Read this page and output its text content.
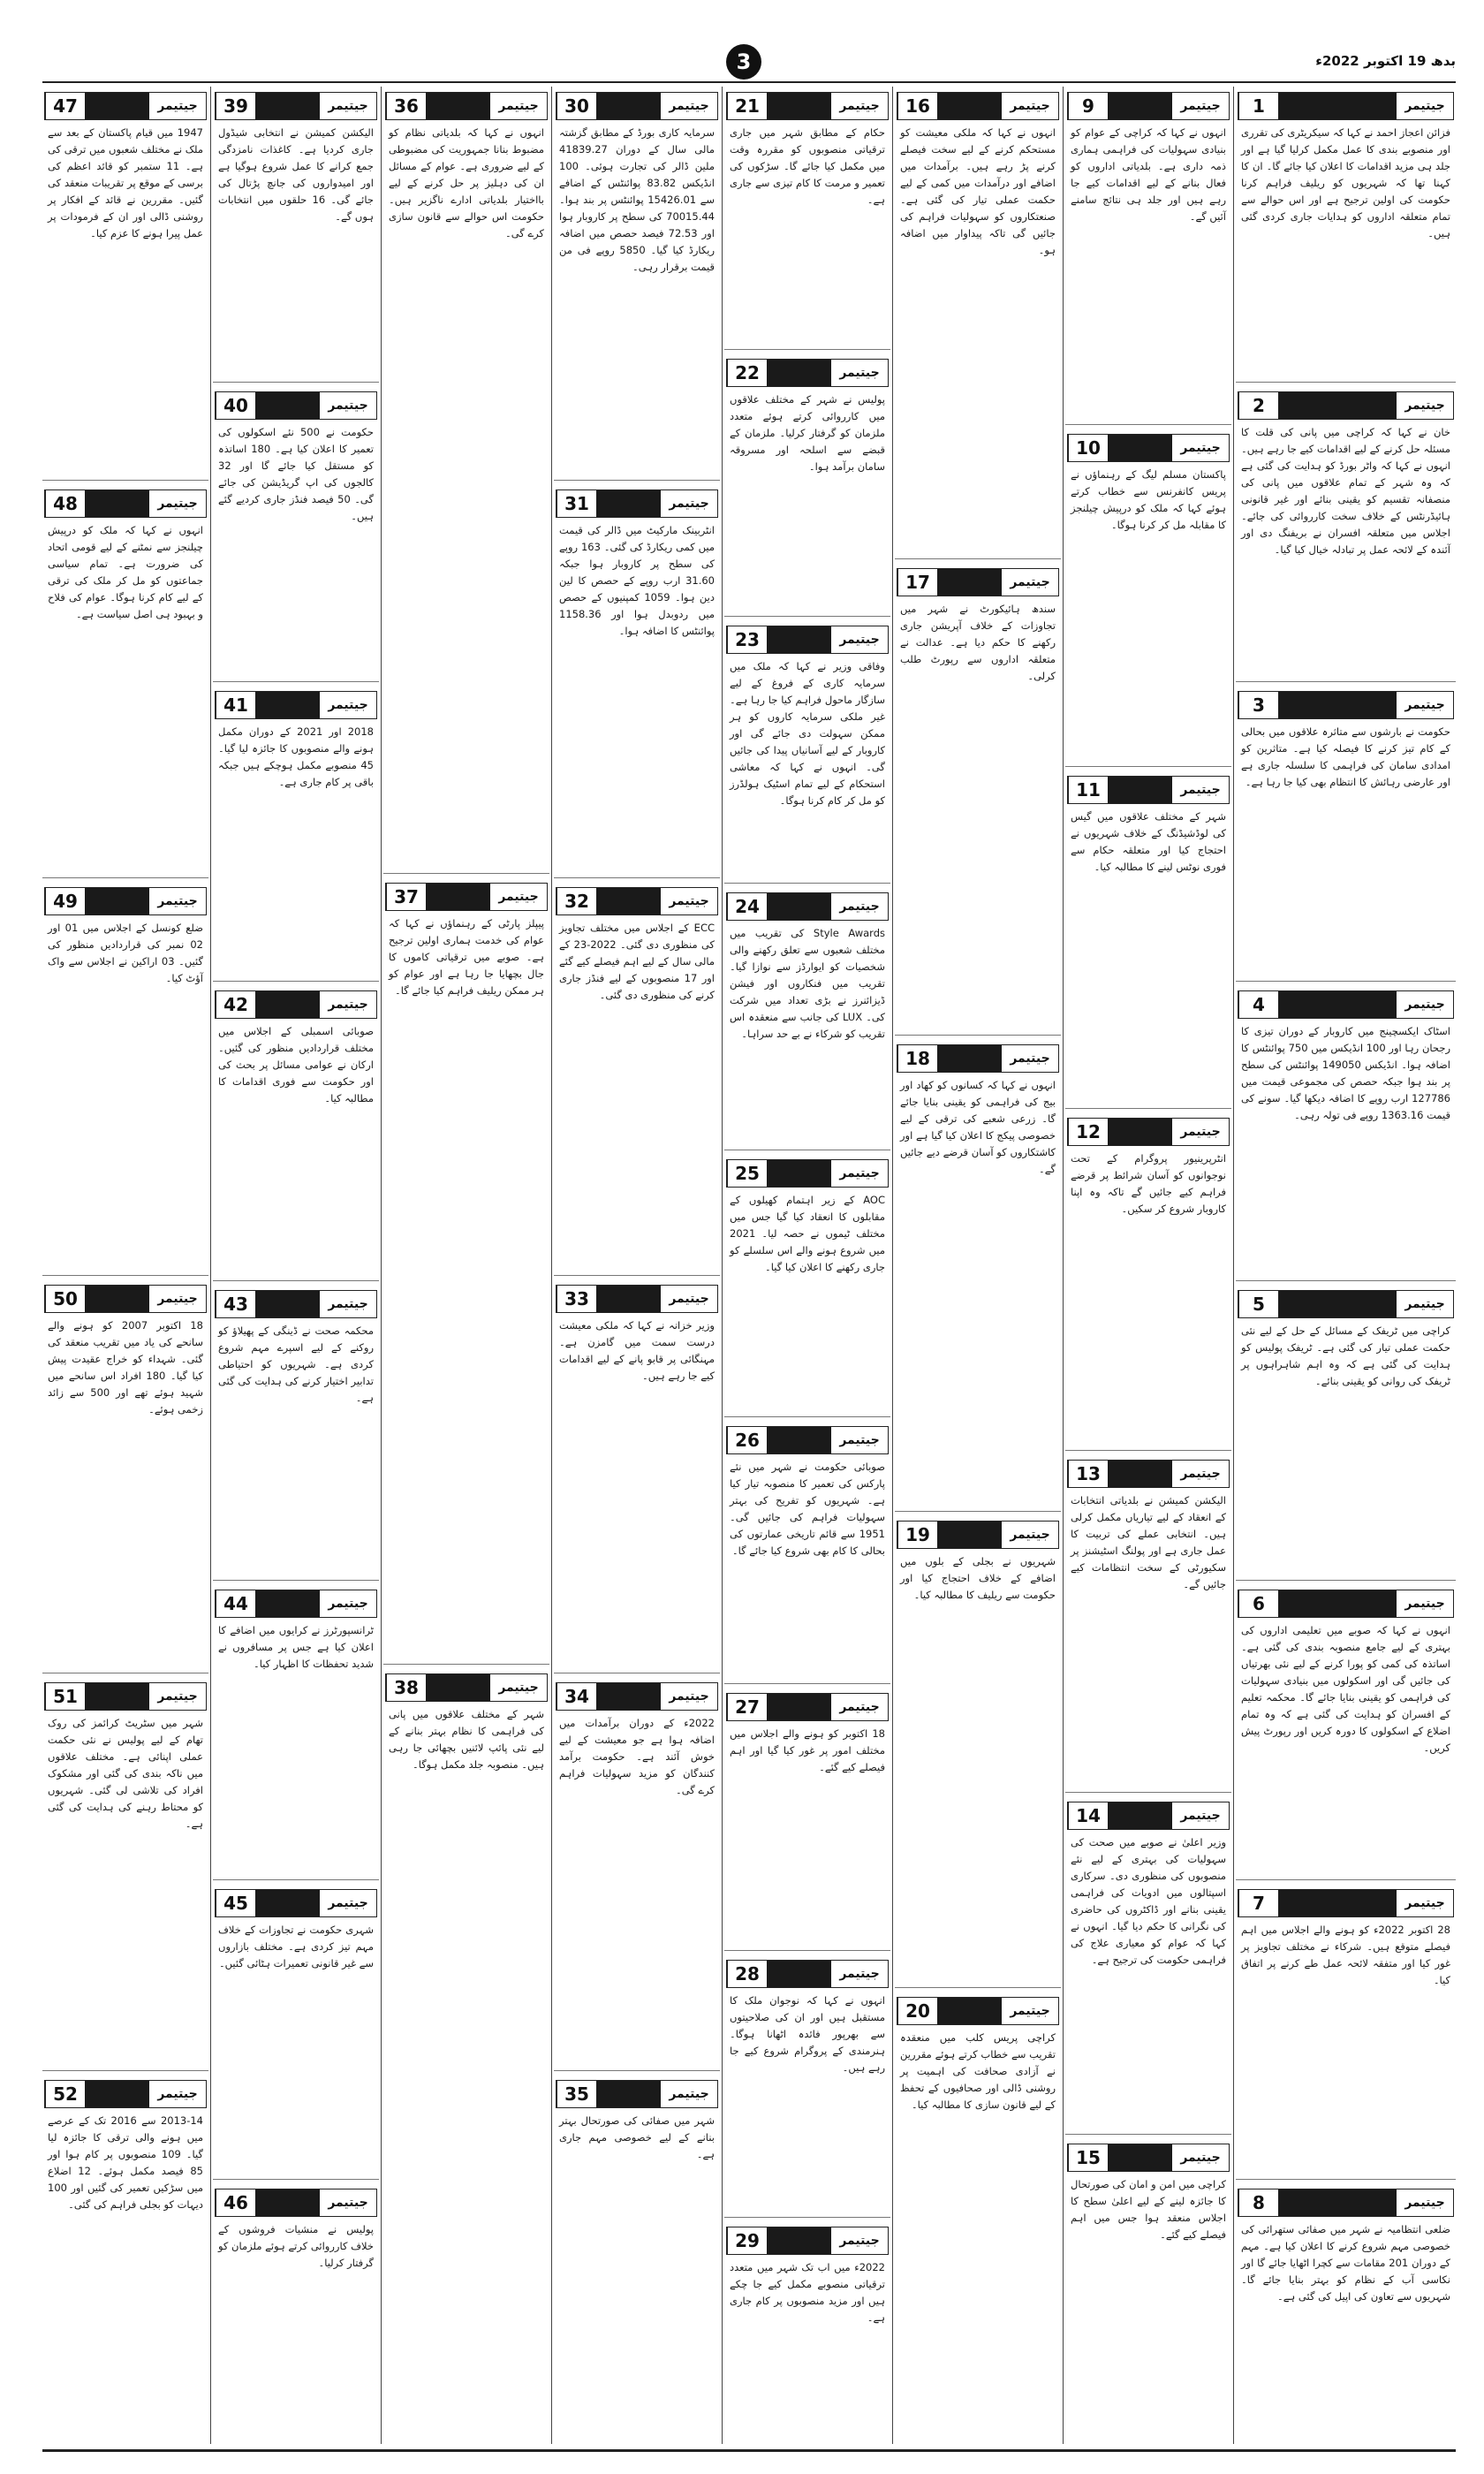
بدھ 19 اکتوبر 2022ء
3
جیتیمر
47
1947 میں قیام پاکستان کے بعد سے ملک نے مختلف شعبوں میں ترقی کی ہے۔ 11 ستمبر کو قائد اعظم کی برسی کے موقع پر تقریبات منعقد کی گئیں۔ مقررین نے قائد کے افکار پر روشنی ڈالی اور ان کے فرمودات پر عمل پیرا ہونے کا عزم کیا۔
جیتیمر
48
انہوں نے کہا کہ ملک کو درپیش چیلنجز سے نمٹنے کے لیے قومی اتحاد کی ضرورت ہے۔ تمام سیاسی جماعتوں کو مل کر ملک کی ترقی کے لیے کام کرنا ہوگا۔ عوام کی فلاح و بہبود ہی اصل سیاست ہے۔
جیتیمر
49
ضلع کونسل کے اجلاس میں 01 اور 02 نمبر کی قراردادیں منظور کی گئیں۔ 03 اراکین نے اجلاس سے واک آؤٹ کیا۔
جیتیمر
50
18 اکتوبر 2007 کو ہونے والے سانحے کی یاد میں تقریب منعقد کی گئی۔ شہداء کو خراج عقیدت پیش کیا گیا۔ 180 افراد اس سانحے میں شہید ہوئے تھے اور 500 سے زائد زخمی ہوئے۔
جیتیمر
51
شہر میں سٹریٹ کرائمز کی روک تھام کے لیے پولیس نے نئی حکمت عملی اپنائی ہے۔ مختلف علاقوں میں ناکہ بندی کی گئی اور مشکوک افراد کی تلاشی لی گئی۔ شہریوں کو محتاط رہنے کی ہدایت کی گئی ہے۔
جیتیمر
52
2013-14 سے 2016 تک کے عرصے میں ہونے والی ترقی کا جائزہ لیا گیا۔ 109 منصوبوں پر کام ہوا اور 85 فیصد مکمل ہوئے۔ 12 اضلاع میں سڑکیں تعمیر کی گئیں اور 100 دیہات کو بجلی فراہم کی گئی۔
جیتیمر
39
الیکشن کمیشن نے انتخابی شیڈول جاری کردیا ہے۔ کاغذات نامزدگی جمع کرانے کا عمل شروع ہوگیا ہے اور امیدواروں کی جانچ پڑتال کی جائے گی۔ 16 حلقوں میں انتخابات ہوں گے۔
جیتیمر
40
حکومت نے 500 نئے اسکولوں کی تعمیر کا اعلان کیا ہے۔ 180 اساتذہ کو مستقل کیا جائے گا اور 32 کالجوں کی اپ گریڈیشن کی جائے گی۔ 50 فیصد فنڈز جاری کردیے گئے ہیں۔
جیتیمر
41
2018 اور 2021 کے دوران مکمل ہونے والے منصوبوں کا جائزہ لیا گیا۔ 45 منصوبے مکمل ہوچکے ہیں جبکہ باقی پر کام جاری ہے۔
جیتیمر
42
صوبائی اسمبلی کے اجلاس میں مختلف قراردادیں منظور کی گئیں۔ ارکان نے عوامی مسائل پر بحث کی اور حکومت سے فوری اقدامات کا مطالبہ کیا۔
جیتیمر
43
محکمہ صحت نے ڈینگی کے پھیلاؤ کو روکنے کے لیے اسپرے مہم شروع کردی ہے۔ شہریوں کو احتیاطی تدابیر اختیار کرنے کی ہدایت کی گئی ہے۔
جیتیمر
44
ٹرانسپورٹرز نے کرایوں میں اضافے کا اعلان کیا ہے جس پر مسافروں نے شدید تحفظات کا اظہار کیا۔
جیتیمر
45
شہری حکومت نے تجاوزات کے خلاف مہم تیز کردی ہے۔ مختلف بازاروں سے غیر قانونی تعمیرات ہٹائی گئیں۔
جیتیمر
46
پولیس نے منشیات فروشوں کے خلاف کارروائی کرتے ہوئے ملزمان کو گرفتار کرلیا۔
جیتیمر
36
انہوں نے کہا کہ بلدیاتی نظام کو مضبوط بنانا جمہوریت کی مضبوطی کے لیے ضروری ہے۔ عوام کے مسائل ان کی دہلیز پر حل کرنے کے لیے بااختیار بلدیاتی ادارے ناگزیر ہیں۔ حکومت اس حوالے سے قانون سازی کرے گی۔
جیتیمر
37
پیپلز پارٹی کے رہنماؤں نے کہا کہ عوام کی خدمت ہماری اولین ترجیح ہے۔ صوبے میں ترقیاتی کاموں کا جال بچھایا جا رہا ہے اور عوام کو ہر ممکن ریلیف فراہم کیا جائے گا۔
جیتیمر
38
شہر کے مختلف علاقوں میں پانی کی فراہمی کا نظام بہتر بنانے کے لیے نئی پائپ لائنیں بچھائی جا رہی ہیں۔ منصوبہ جلد مکمل ہوگا۔
جیتیمر
30
سرمایہ کاری بورڈ کے مطابق گزشتہ مالی سال کے دوران 41839.27 ملین ڈالر کی تجارت ہوئی۔ 100 انڈیکس 83.82 پوائنٹس کے اضافے سے 15426.01 پوائنٹس پر بند ہوا۔ 70015.44 کی سطح پر کاروبار ہوا اور 72.53 فیصد حصص میں اضافہ ریکارڈ کیا گیا۔ 5850 روپے فی من قیمت برقرار رہی۔
جیتیمر
31
انٹربینک مارکیٹ میں ڈالر کی قیمت میں کمی ریکارڈ کی گئی۔ 163 روپے کی سطح پر کاروبار ہوا جبکہ 31.60 ارب روپے کے حصص کا لین دین ہوا۔ 1059 کمپنیوں کے حصص میں ردوبدل ہوا اور 1158.36 پوائنٹس کا اضافہ ہوا۔
جیتیمر
32
ECC کے اجلاس میں مختلف تجاویز کی منظوری دی گئی۔ 2022-23 کے مالی سال کے لیے اہم فیصلے کیے گئے اور 17 منصوبوں کے لیے فنڈز جاری کرنے کی منظوری دی گئی۔
جیتیمر
33
وزیر خزانہ نے کہا کہ ملکی معیشت درست سمت میں گامزن ہے۔ مہنگائی پر قابو پانے کے لیے اقدامات کیے جا رہے ہیں۔
جیتیمر
34
2022ء کے دوران برآمدات میں اضافہ ہوا ہے جو معیشت کے لیے خوش آئند ہے۔ حکومت برآمد کنندگان کو مزید سہولیات فراہم کرے گی۔
جیتیمر
35
شہر میں صفائی کی صورتحال بہتر بنانے کے لیے خصوصی مہم جاری ہے۔
جیتیمر
21
حکام کے مطابق شہر میں جاری ترقیاتی منصوبوں کو مقررہ وقت میں مکمل کیا جائے گا۔ سڑکوں کی تعمیر و مرمت کا کام تیزی سے جاری ہے۔
جیتیمر
22
پولیس نے شہر کے مختلف علاقوں میں کارروائی کرتے ہوئے متعدد ملزمان کو گرفتار کرلیا۔ ملزمان کے قبضے سے اسلحہ اور مسروقہ سامان برآمد ہوا۔
جیتیمر
23
وفاقی وزیر نے کہا کہ ملک میں سرمایہ کاری کے فروغ کے لیے سازگار ماحول فراہم کیا جا رہا ہے۔ غیر ملکی سرمایہ کاروں کو ہر ممکن سہولت دی جائے گی اور کاروبار کے لیے آسانیاں پیدا کی جائیں گی۔ انہوں نے کہا کہ معاشی استحکام کے لیے تمام اسٹیک ہولڈرز کو مل کر کام کرنا ہوگا۔
جیتیمر
24
Style Awards کی تقریب میں مختلف شعبوں سے تعلق رکھنے والی شخصیات کو ایوارڈز سے نوازا گیا۔ تقریب میں فنکاروں اور فیشن ڈیزائنرز نے بڑی تعداد میں شرکت کی۔ LUX کی جانب سے منعقدہ اس تقریب کو شرکاء نے بے حد سراہا۔
جیتیمر
25
AOC کے زیر اہتمام کھیلوں کے مقابلوں کا انعقاد کیا گیا جس میں مختلف ٹیموں نے حصہ لیا۔ 2021 میں شروع ہونے والے اس سلسلے کو جاری رکھنے کا اعلان کیا گیا۔
جیتیمر
26
صوبائی حکومت نے شہر میں نئے پارکس کی تعمیر کا منصوبہ تیار کیا ہے۔ شہریوں کو تفریح کی بہتر سہولیات فراہم کی جائیں گی۔ 1951 سے قائم تاریخی عمارتوں کی بحالی کا کام بھی شروع کیا جائے گا۔
جیتیمر
27
18 اکتوبر کو ہونے والے اجلاس میں مختلف امور پر غور کیا گیا اور اہم فیصلے کیے گئے۔
جیتیمر
28
انہوں نے کہا کہ نوجوان ملک کا مستقبل ہیں اور ان کی صلاحیتوں سے بھرپور فائدہ اٹھانا ہوگا۔ ہنرمندی کے پروگرام شروع کیے جا رہے ہیں۔
جیتیمر
29
2022ء میں اب تک شہر میں متعدد ترقیاتی منصوبے مکمل کیے جا چکے ہیں اور مزید منصوبوں پر کام جاری ہے۔
جیتیمر
16
انہوں نے کہا کہ ملکی معیشت کو مستحکم کرنے کے لیے سخت فیصلے کرنے پڑ رہے ہیں۔ برآمدات میں اضافے اور درآمدات میں کمی کے لیے حکمت عملی تیار کی گئی ہے۔ صنعتکاروں کو سہولیات فراہم کی جائیں گی تاکہ پیداوار میں اضافہ ہو۔
جیتیمر
17
سندھ ہائیکورٹ نے شہر میں تجاوزات کے خلاف آپریشن جاری رکھنے کا حکم دیا ہے۔ عدالت نے متعلقہ اداروں سے رپورٹ طلب کرلی۔
جیتیمر
18
انہوں نے کہا کہ کسانوں کو کھاد اور بیج کی فراہمی کو یقینی بنایا جائے گا۔ زرعی شعبے کی ترقی کے لیے خصوصی پیکج کا اعلان کیا گیا ہے اور کاشتکاروں کو آسان قرضے دیے جائیں گے۔
جیتیمر
19
شہریوں نے بجلی کے بلوں میں اضافے کے خلاف احتجاج کیا اور حکومت سے ریلیف کا مطالبہ کیا۔
جیتیمر
20
کراچی پریس کلب میں منعقدہ تقریب سے خطاب کرتے ہوئے مقررین نے آزادی صحافت کی اہمیت پر روشنی ڈالی اور صحافیوں کے تحفظ کے لیے قانون سازی کا مطالبہ کیا۔
جیتیمر
9
انہوں نے کہا کہ کراچی کے عوام کو بنیادی سہولیات کی فراہمی ہماری ذمہ داری ہے۔ بلدیاتی اداروں کو فعال بنانے کے لیے اقدامات کیے جا رہے ہیں اور جلد ہی نتائج سامنے آئیں گے۔
جیتیمر
10
پاکستان مسلم لیگ کے رہنماؤں نے پریس کانفرنس سے خطاب کرتے ہوئے کہا کہ ملک کو درپیش چیلنجز کا مقابلہ مل کر کرنا ہوگا۔
جیتیمر
11
شہر کے مختلف علاقوں میں گیس کی لوڈشیڈنگ کے خلاف شہریوں نے احتجاج کیا اور متعلقہ حکام سے فوری نوٹس لینے کا مطالبہ کیا۔
جیتیمر
12
انٹرپرینیور پروگرام کے تحت نوجوانوں کو آسان شرائط پر قرضے فراہم کیے جائیں گے تاکہ وہ اپنا کاروبار شروع کر سکیں۔
جیتیمر
13
الیکشن کمیشن نے بلدیاتی انتخابات کے انعقاد کے لیے تیاریاں مکمل کرلی ہیں۔ انتخابی عملے کی تربیت کا عمل جاری ہے اور پولنگ اسٹیشنز پر سکیورٹی کے سخت انتظامات کیے جائیں گے۔
جیتیمر
14
وزیر اعلیٰ نے صوبے میں صحت کی سہولیات کی بہتری کے لیے نئے منصوبوں کی منظوری دی۔ سرکاری اسپتالوں میں ادویات کی فراہمی یقینی بنانے اور ڈاکٹروں کی حاضری کی نگرانی کا حکم دیا گیا۔ انہوں نے کہا کہ عوام کو معیاری علاج کی فراہمی حکومت کی ترجیح ہے۔
جیتیمر
15
کراچی میں امن و امان کی صورتحال کا جائزہ لینے کے لیے اعلیٰ سطح کا اجلاس منعقد ہوا جس میں اہم فیصلے کیے گئے۔
جیتیمر
1
فزائن اعجاز احمد نے کہا کہ سیکریٹری کی تقرری اور منصوبے بندی کا عمل مکمل کرلیا گیا ہے اور جلد ہی مزید اقدامات کا اعلان کیا جائے گا۔ ان کا کہنا تھا کہ شہریوں کو ریلیف فراہم کرنا حکومت کی اولین ترجیح ہے اور اس حوالے سے تمام متعلقہ اداروں کو ہدایات جاری کردی گئی ہیں۔
جیتیمر
2
خان نے کہا کہ کراچی میں پانی کی قلت کا مسئلہ حل کرنے کے لیے اقدامات کیے جا رہے ہیں۔ انہوں نے کہا کہ واٹر بورڈ کو ہدایت کی گئی ہے کہ وہ شہر کے تمام علاقوں میں پانی کی منصفانہ تقسیم کو یقینی بنائے اور غیر قانونی ہائیڈرنٹس کے خلاف سخت کارروائی کی جائے۔ اجلاس میں متعلقہ افسران نے بریفنگ دی اور آئندہ کے لائحہ عمل پر تبادلہ خیال کیا گیا۔
جیتیمر
3
حکومت نے بارشوں سے متاثرہ علاقوں میں بحالی کے کام تیز کرنے کا فیصلہ کیا ہے۔ متاثرین کو امدادی سامان کی فراہمی کا سلسلہ جاری ہے اور عارضی رہائش کا انتظام بھی کیا جا رہا ہے۔
جیتیمر
4
اسٹاک ایکسچینج میں کاروبار کے دوران تیزی کا رجحان رہا اور 100 انڈیکس میں 750 پوائنٹس کا اضافہ ہوا۔ انڈیکس 149050 پوائنٹس کی سطح پر بند ہوا جبکہ حصص کی مجموعی قیمت میں 127786 ارب روپے کا اضافہ دیکھا گیا۔ سونے کی قیمت 1363.16 روپے فی تولہ رہی۔
جیتیمر
5
کراچی میں ٹریفک کے مسائل کے حل کے لیے نئی حکمت عملی تیار کی گئی ہے۔ ٹریفک پولیس کو ہدایت کی گئی ہے کہ وہ اہم شاہراہوں پر ٹریفک کی روانی کو یقینی بنائے۔
جیتیمر
6
انہوں نے کہا کہ صوبے میں تعلیمی اداروں کی بہتری کے لیے جامع منصوبہ بندی کی گئی ہے۔ اساتذہ کی کمی کو پورا کرنے کے لیے نئی بھرتیاں کی جائیں گی اور اسکولوں میں بنیادی سہولیات کی فراہمی کو یقینی بنایا جائے گا۔ محکمہ تعلیم کے افسران کو ہدایت کی گئی ہے کہ وہ تمام اضلاع کے اسکولوں کا دورہ کریں اور رپورٹ پیش کریں۔
جیتیمر
7
28 اکتوبر 2022ء کو ہونے والے اجلاس میں اہم فیصلے متوقع ہیں۔ شرکاء نے مختلف تجاویز پر غور کیا اور متفقہ لائحہ عمل طے کرنے پر اتفاق کیا۔
جیتیمر
8
ضلعی انتظامیہ نے شہر میں صفائی ستھرائی کی خصوصی مہم شروع کرنے کا اعلان کیا ہے۔ مہم کے دوران 201 مقامات سے کچرا اٹھایا جائے گا اور نکاسی آب کے نظام کو بہتر بنایا جائے گا۔ شہریوں سے تعاون کی اپیل کی گئی ہے۔
